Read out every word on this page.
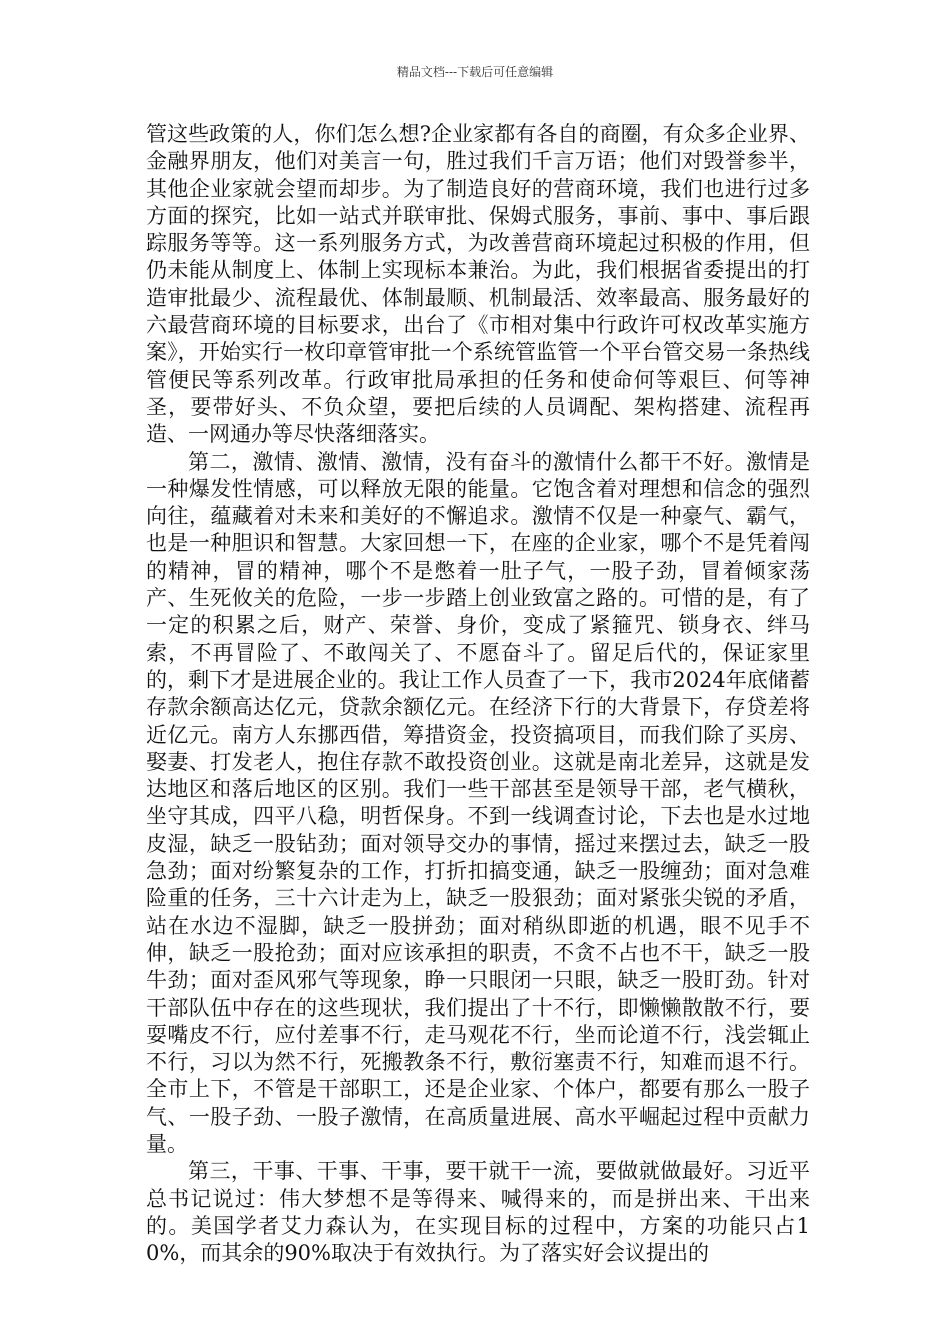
精品文档---下载后可任意编辑

管这些政策的人，你们怎么想?企业家都有各自的商圈，有众多企业界、金融界朋友，他们对美言一句，胜过我们千言万语；他们对毁誉参半，其他企业家就会望而却步。为了制造良好的营商环境，我们也进行过多方面的探究，比如一站式并联审批、保姆式服务，事前、事中、事后跟踪服务等等。这一系列服务方式，为改善营商环境起过积极的作用，但仍未能从制度上、体制上实现标本兼治。为此，我们根据省委提出的打造审批最少、流程最优、体制最顺、机制最活、效率最高、服务最好的六最营商环境的目标要求，出台了《市相对集中行政许可权改革实施方案》，开始实行一枚印章管审批一个系统管监管一个平台管交易一条热线管便民等系列改革。行政审批局承担的任务和使命何等艰巨、何等神圣，要带好头、不负众望，要把后续的人员调配、架构搭建、流程再造、一网通办等尽快落细落实。

第二，激情、激情、激情，没有奋斗的激情什么都干不好。激情是一种爆发性情感，可以释放无限的能量。它饱含着对理想和信念的强烈向往，蕴藏着对未来和美好的不懈追求。激情不仅是一种豪气、霸气，也是一种胆识和智慧。大家回想一下，在座的企业家，哪个不是凭着闯的精神，冒的精神，哪个不是憋着一肚子气，一股子劲，冒着倾家荡产、生死攸关的危险，一步一步踏上创业致富之路的。可惜的是，有了一定的积累之后，财产、荣誉、身价，变成了紧箍咒、锁身衣、绊马索，不再冒险了、不敢闯关了、不愿奋斗了。留足后代的，保证家里的，剩下才是进展企业的。我让工作人员查了一下，我市2024年底储蓄存款余额高达亿元，贷款余额亿元。在经济下行的大背景下，存贷差将近亿元。南方人东挪西借，筹措资金，投资搞项目，而我们除了买房、娶妻、打发老人，抱住存款不敢投资创业。这就是南北差异，这就是发达地区和落后地区的区别。我们一些干部甚至是领导干部，老气横秋，坐守其成，四平八稳，明哲保身。不到一线调查讨论，下去也是水过地皮湿，缺乏一股钻劲；面对领导交办的事情，摇过来摆过去，缺乏一股急劲；面对纷繁复杂的工作，打折扣搞变通，缺乏一股缠劲；面对急难险重的任务，三十六计走为上，缺乏一股狠劲；面对紧张尖锐的矛盾，站在水边不湿脚，缺乏一股拼劲；面对稍纵即逝的机遇，眼不见手不伸，缺乏一股抢劲；面对应该承担的职责，不贪不占也不干，缺乏一股牛劲；面对歪风邪气等现象，睁一只眼闭一只眼，缺乏一股盯劲。针对干部队伍中存在的这些现状，我们提出了十不行，即懒懒散散不行，要耍嘴皮不行，应付差事不行，走马观花不行，坐而论道不行，浅尝辄止不行，习以为然不行，死搬教条不行，敷衍塞责不行，知难而退不行。全市上下，不管是干部职工，还是企业家、个体户，都要有那么一股子气、一股子劲、一股子激情，在高质量进展、高水平崛起过程中贡献力量。

第三，干事、干事、干事，要干就干一流，要做就做最好。习近平总书记说过：伟大梦想不是等得来、喊得来的，而是拼出来、干出来的。美国学者艾力森认为，在实现目标的过程中，方案的功能只占10%，而其余的90%取决于有效执行。为了落实好会议提出的
